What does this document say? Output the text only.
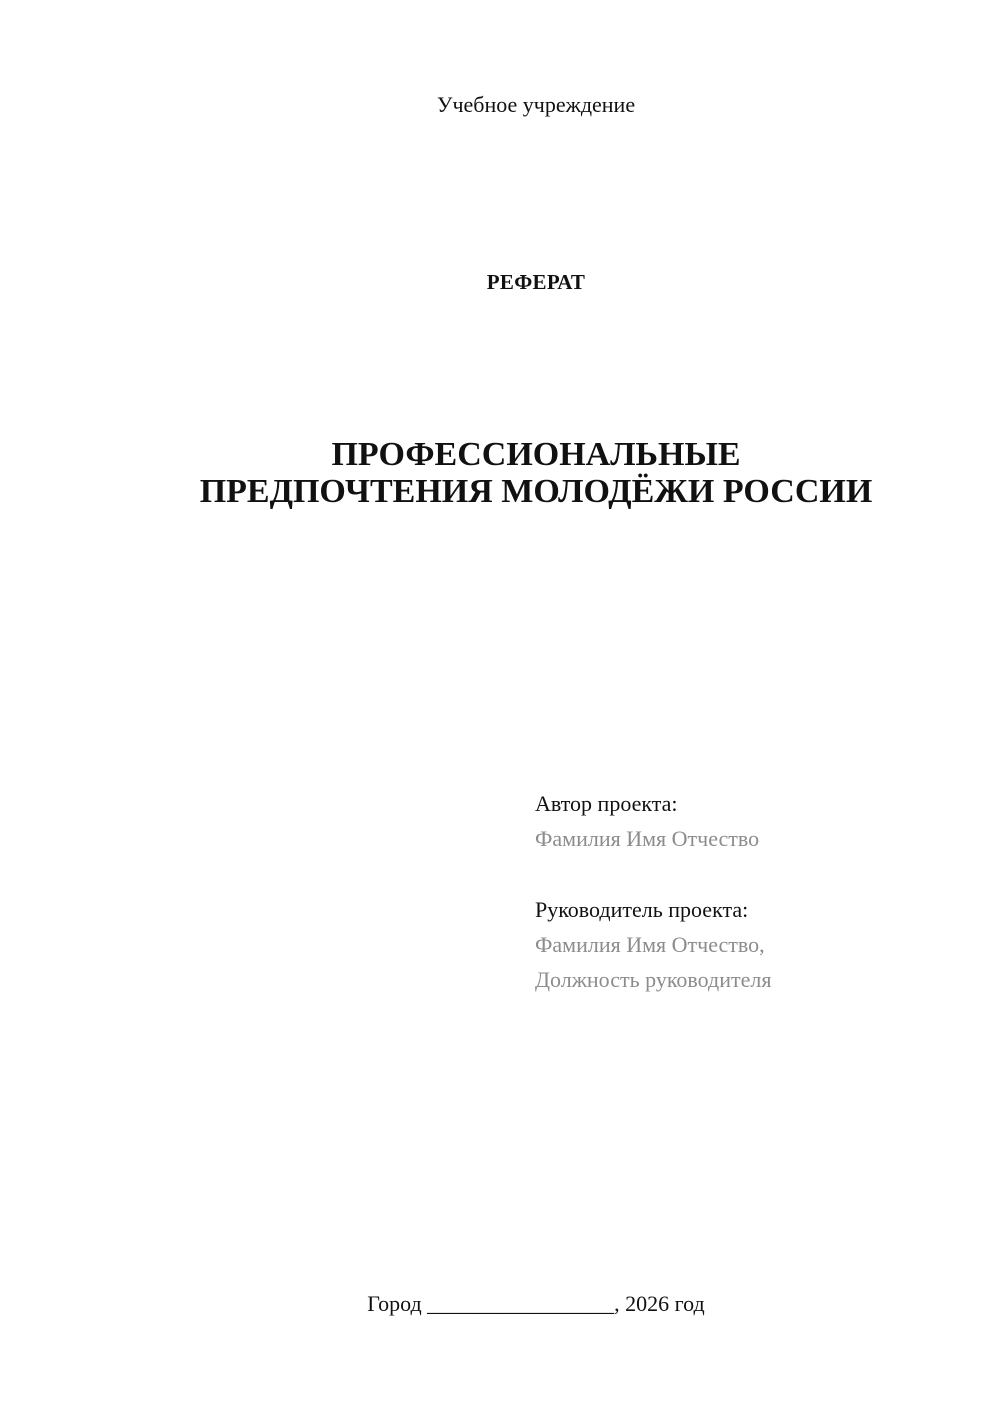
Учебное учреждение
РЕФЕРАТ
ПРОФЕССИОНАЛЬНЫЕ
ПРЕДПОЧТЕНИЯ МОЛОДЁЖИ РОССИИ
Автор проекта:
Фамилия Имя Отчество
Руководитель проекта:
Фамилия Имя Отчество,
Должность руководителя
Город _________________, 2026 год
